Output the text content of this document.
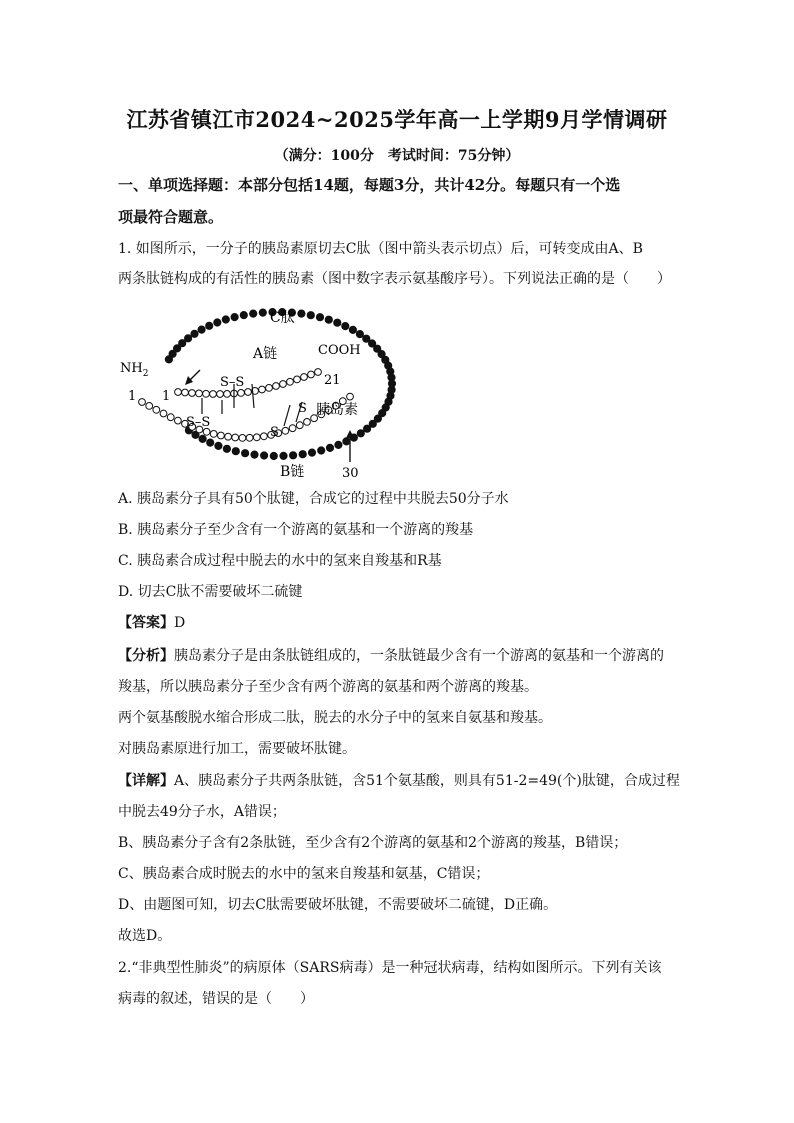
江苏省镇江市2024~2025学年高一上学期9月学情调研
（满分：100分　考试时间：75分钟）
一、单项选择题：本部分包括14题，每题3分，共计42分。每题只有一个选
项最符合题意。
1. 如图所示，一分子的胰岛素原切去C肽（图中箭头表示切点）后，可转变成由A、B
两条肽链构成的有活性的胰岛素（图中数字表示氨基酸序号）。下列说法正确的是（　　）
C肽
A链
B链
$NH_2$
COOH
胰岛素
S–S
S–S
S
S
1
1
21
30
A. 胰岛素分子具有50个肽键，合成它的过程中共脱去50分子水
B. 胰岛素分子至少含有一个游离的氨基和一个游离的羧基
C. 胰岛素合成过程中脱去的水中的氢来自羧基和R基
D. 切去C肽不需要破坏二硫键
【答案】D
【分析】胰岛素分子是由条肽链组成的，一条肽链最少含有一个游离的氨基和一个游离的
羧基，所以胰岛素分子至少含有两个游离的氨基和两个游离的羧基。
两个氨基酸脱水缩合形成二肽，脱去的水分子中的氢来自氨基和羧基。
对胰岛素原进行加工，需要破坏肽键。
【详解】A、胰岛素分子共两条肽链，含51个氨基酸，则具有51-2=49(个)肽键，合成过程
中脱去49分子水，A错误；
B、胰岛素分子含有2条肽链，至少含有2个游离的氨基和2个游离的羧基，B错误；
C、胰岛素合成时脱去的水中的氢来自羧基和氨基，C错误；
D、由题图可知，切去C肽需要破坏肽键，不需要破坏二硫键，D正确。
故选D。
2.“非典型性肺炎”的病原体（SARS病毒）是一种冠状病毒，结构如图所示。下列有关该
病毒的叙述，错误的是（　　）
